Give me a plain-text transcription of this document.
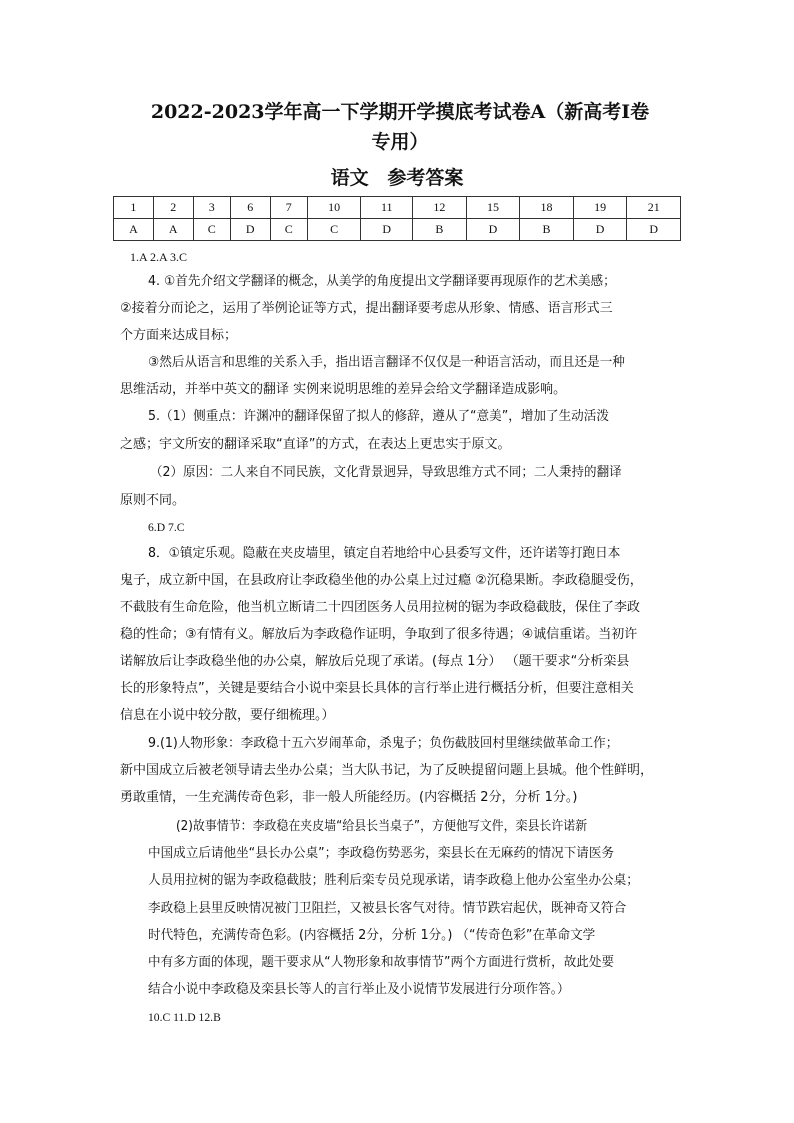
2022-2023学年高一下学期开学摸底考试卷A（新高考Ⅰ卷
专用）
语文 参考答案
1	2	3	6	7	10	11	12	15	18	19	21
A	A	C	D	C	C	D	B	D	B	D	D
1.A 2.A 3.C
4. ①首先介绍文学翻译的概念，从美学的角度提出文学翻译要再现原作的艺术美感；
②接着分而论之，运用了举例论证等方式，提出翻译要考虑从形象、情感、语言形式三
个方面来达成目标；
③然后从语言和思维的关系入手，指出语言翻译不仅仅是一种语言活动，而且还是一种
思维活动，并举中英文的翻译 实例来说明思维的差异会给文学翻译造成影响。
5.（1）侧重点：许渊冲的翻译保留了拟人的修辞，遵从了“意美”，增加了生动活泼
之感；宇文所安的翻译采取“直译”的方式，在表达上更忠实于原文。
（2）原因：二人来自不同民族，文化背景迥异，导致思维方式不同；二人秉持的翻译
原则不同。
6.D 7.C
8．①镇定乐观。隐蔽在夹皮墙里，镇定自若地给中心县委写文件，还许诺等打跑日本
鬼子，成立新中国，在县政府让李政稳坐他的办公桌上过过瘾 ②沉稳果断。李政稳腿受伤，
不截肢有生命危险，他当机立断请二十四团医务人员用拉树的锯为李政稳截肢，保住了李政
稳的性命；③有情有义。解放后为李政稳作证明，争取到了很多待遇；④诚信重诺。当初许
诺解放后让李政稳坐他的办公桌，解放后兑现了承诺。(每点 1分） （题干要求“分析栾县
长的形象特点”，关键是要结合小说中栾县长具体的言行举止进行概括分析，但要注意相关
信息在小说中较分散，要仔细梳理。）
9.(1)人物形象：李政稳十五六岁闹革命，杀鬼子；负伤截肢回村里继续做革命工作；
新中国成立后被老领导请去坐办公桌；当大队书记，为了反映提留问题上县城。他个性鲜明，
勇敢重情，一生充满传奇色彩，非一般人所能经历。(内容概括 2分，分析 1分。)
(2)故事情节：李政稳在夹皮墙“给县长当桌子”，方便他写文件，栾县长许诺新
中国成立后请他坐“县长办公桌”；李政稳伤势恶劣，栾县长在无麻药的情况下请医务
人员用拉树的锯为李政稳截肢；胜利后栾专员兑现承诺，请李政稳上他办公室坐办公桌；
李政稳上县里反映情况被门卫阻拦，又被县长客气对待。情节跌宕起伏，既神奇又符合
时代特色，充满传奇色彩。(内容概括 2分，分析 1分。) （“传奇色彩”在革命文学
中有多方面的体现，题干要求从“人物形象和故事情节”两个方面进行赏析，故此处要
结合小说中李政稳及栾县长等人的言行举止及小说情节发展进行分项作答。）
10.C 11.D 12.B
